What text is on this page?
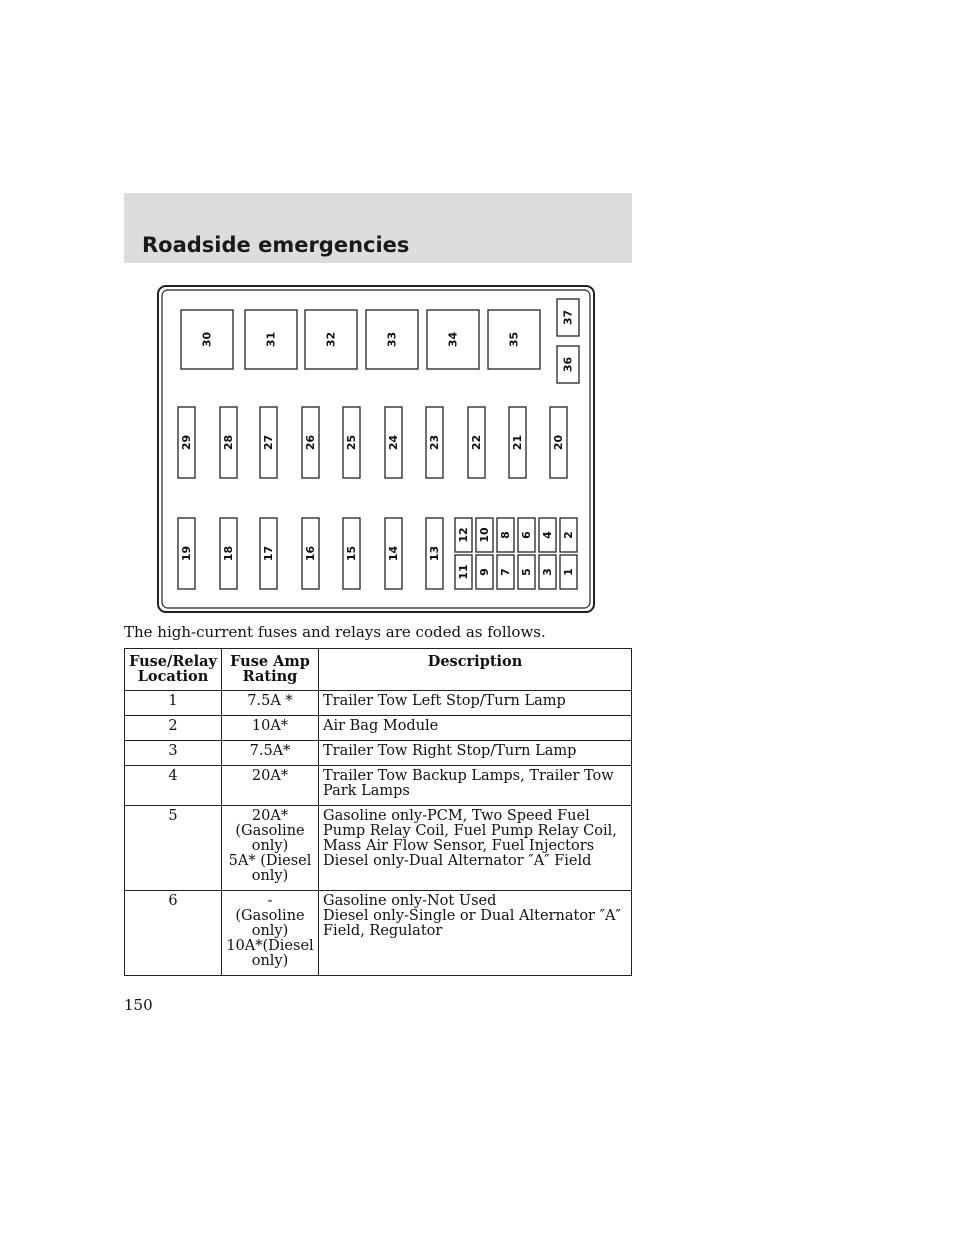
Roadside emergencies
30	31	32	33	34	35
37
36
29	28 27	26	25	24	23	22	21	20
19	18 17	16	15	14	13
12 10 8 6 4 2
11 9 7 5 3 1
The high-current fuses and relays are coded as follows.
Fuse/Relay Location	Fuse Amp Rating	Description
1	7.5A *	Trailer Tow Left Stop/Turn Lamp
2	10A*	Air Bag Module
3	7.5A*	Trailer Tow Right Stop/Turn Lamp
4	20A*	Trailer Tow Backup Lamps, Trailer Tow Park Lamps
5	20A*
(Gasoline
only)
5A* (Diesel
only)	Gasoline only-PCM, Two Speed Fuel Pump Relay Coil, Fuel Pump Relay Coil, Mass Air Flow Sensor, Fuel Injectors
Diesel only-Dual Alternator ″A″ Field
6	-
(Gasoline
only)
10A*(Diesel
only)	Gasoline only-Not Used
Diesel only-Single or Dual Alternator ″A″ Field, Regulator
150
